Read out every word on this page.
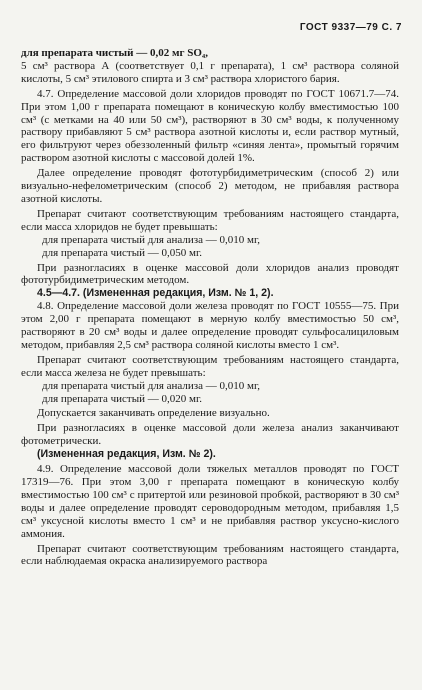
ГОСТ 9337—79 С. 7

для препарата чистый — 0,02 мг SO₄,

5 см³ раствора А (соответствует 0,1 г препарата), 1 см³ раствора соляной кислоты, 5 см³ этилового спирта и 3 см³ раствора хлористого бария.

4.7. Определение массовой доли хлоридов проводят по ГОСТ 10671.7—74. При этом 1,00 г препарата помещают в коническую колбу вместимостью 100 см³ (с метками на 40 или 50 см³), растворяют в 30 см³ воды, к полученному раствору прибавляют 5 см³ раствора азотной кислоты и, если раствор мутный, его фильтруют через обеззоленный фильтр «синяя лента», промытый горячим раствором азотной кислоты с массовой долей 1%.

Далее определение проводят фототурбидиметрическим (способ 2) или визуально-нефелометрическим (способ 2) методом, не прибавляя раствора азотной кислоты.

Препарат считают соответствующим требованиям настоящего стандарта, если масса хлоридов не будет превышать:

для препарата чистый для анализа — 0,010 мг,

для препарата чистый — 0,050 мг.

При разногласиях в оценке массовой доли хлоридов анализ проводят фототурбидиметрическим методом.

4.5—4.7. (Измененная редакция, Изм. № 1, 2).

4.8. Определение массовой доли железа проводят по ГОСТ 10555—75. При этом 2,00 г препарата помещают в мерную колбу вместимостью 50 см³, растворяют в 20 см³ воды и далее определение проводят сульфосалициловым методом, прибавляя 2,5 см³ раствора соляной кислоты вместо 1 см³.

Препарат считают соответствующим требованиям настоящего стандарта, если масса железа не будет превышать:

для препарата чистый для анализа — 0,010 мг,

для препарата чистый — 0,020 мг.

Допускается заканчивать определение визуально.

При разногласиях в оценке массовой доли железа анализ заканчивают фотометрически.

(Измененная редакция, Изм. № 2).

4.9. Определение массовой доли тяжелых металлов проводят по ГОСТ 17319—76. При этом 3,00 г препарата помещают в коническую колбу вместимостью 100 см³ с притертой или резиновой пробкой, растворяют в 30 см³ воды и далее определение проводят сероводородным методом, прибавляя 1,5 см³ уксусной кислоты вместо 1 см³ и не прибавляя раствор уксусно-кислого аммония.

Препарат считают соответствующим требованиям настоящего стандарта, если наблюдаемая окраска анализируемого раствора
